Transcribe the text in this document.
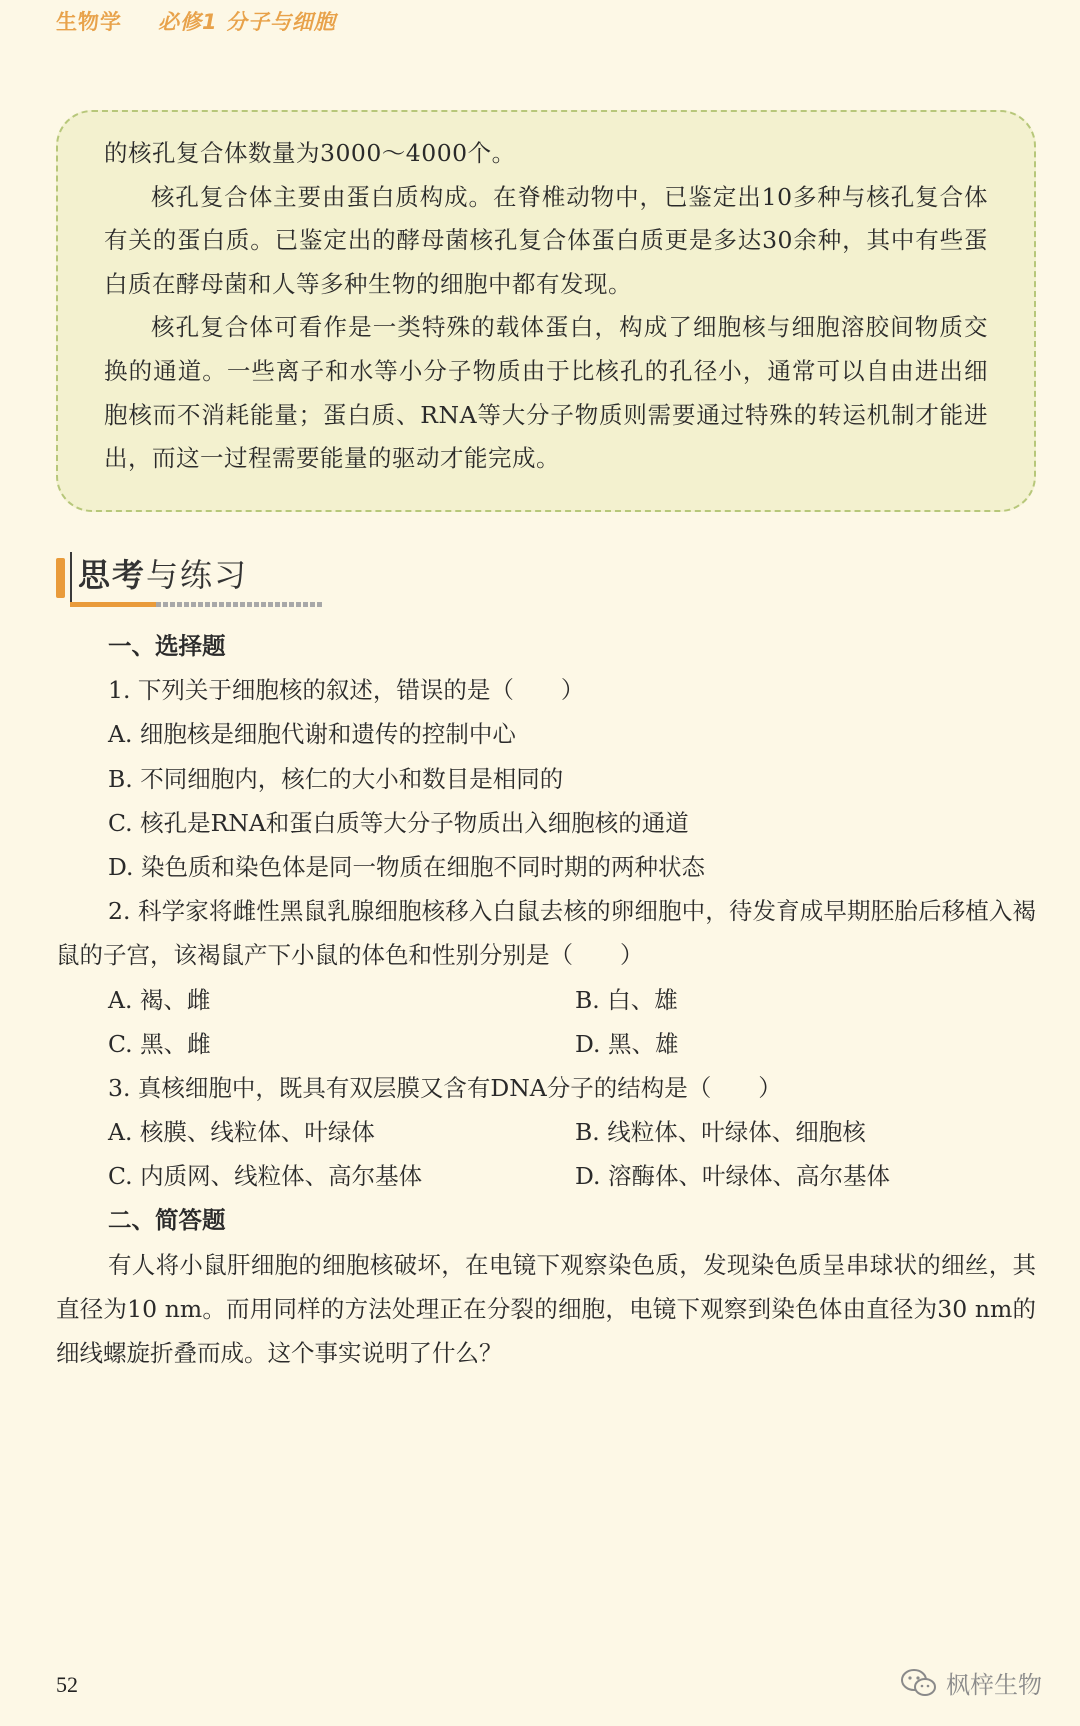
生物学 必修1 分子与细胞

的核孔复合体数量为3000～4000个。

核孔复合体主要由蛋白质构成。在脊椎动物中，已鉴定出10多种与核孔复合体有关的蛋白质。已鉴定出的酵母菌核孔复合体蛋白质更是多达30余种，其中有些蛋白质在酵母菌和人等多种生物的细胞中都有发现。

核孔复合体可看作是一类特殊的载体蛋白，构成了细胞核与细胞溶胶间物质交换的通道。一些离子和水等小分子物质由于比核孔的孔径小，通常可以自由进出细胞核而不消耗能量；蛋白质、RNA等大分子物质则需要通过特殊的转运机制才能进出，而这一过程需要能量的驱动才能完成。

思考与练习
一、选择题
1. 下列关于细胞核的叙述，错误的是（　　）
A. 细胞核是细胞代谢和遗传的控制中心
B. 不同细胞内，核仁的大小和数目是相同的
C. 核孔是RNA和蛋白质等大分子物质出入细胞核的通道
D. 染色质和染色体是同一物质在细胞不同时期的两种状态
2. 科学家将雌性黑鼠乳腺细胞核移入白鼠去核的卵细胞中，待发育成早期胚胎后移植入褐鼠的子宫，该褐鼠产下小鼠的体色和性别分别是（　　）
A. 褐、雌	B. 白、雄
C. 黑、雌	D. 黑、雄
3. 真核细胞中，既具有双层膜又含有DNA分子的结构是（　　）
A. 核膜、线粒体、叶绿体	B. 线粒体、叶绿体、细胞核
C. 内质网、线粒体、高尔基体	D. 溶酶体、叶绿体、高尔基体
二、简答题
有人将小鼠肝细胞的细胞核破坏，在电镜下观察染色质，发现染色质呈串球状的细丝，其直径为10 nm。而用同样的方法处理正在分裂的细胞，电镜下观察到染色体由直径为30 nm的细线螺旋折叠而成。这个事实说明了什么？
52	枫梓生物
